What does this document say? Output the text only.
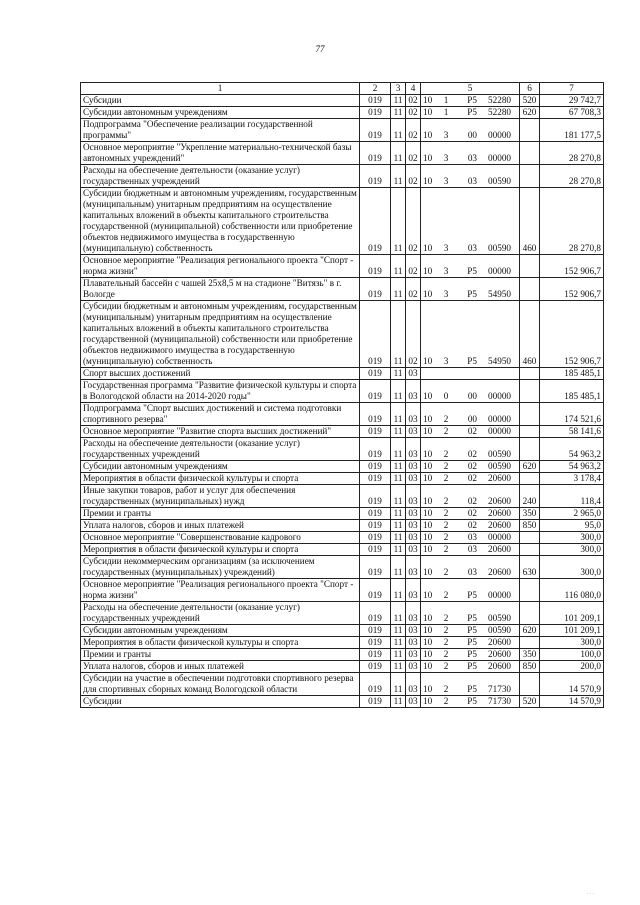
77
1	2	3	4	5	6	7
Субсидии	019	11	02	10 1 P5 52280	520	29 742,7
Субсидии автономным учреждениям	019	11	02	10 1 P5 52280	620	67 708,3
Подпрограмма "Обеспечение реализации государственной программы"	019	11	02	10 3 00 00000		181 177,5
Основное мероприятие "Укрепление материально-технической базы автономных учреждений"	019	11	02	10 3 03 00000		28 270,8
Расходы на обеспечение деятельности (оказание услуг) государственных учреждений	019	11	02	10 3 03 00590		28 270,8
Субсидии бюджетным и автономным учреждениям, государственным (муниципальным) унитарным предприятиям на осуществление капитальных вложений в объекты капитального строительства государственной (муниципальной) собственности или приобретение объектов недвижимого имущества в государственную (муниципальную) собственность	019	11	02	10 3 03 00590	460	28 270,8
Основное мероприятие "Реализация регионального проекта "Спорт - норма жизни"	019	11	02	10 3 P5 00000		152 906,7
Плавательный бассейн с чашей 25х8,5 м на стадионе "Витязь" в г. Вологде	019	11	02	10 3 P5 54950		152 906,7
Субсидии бюджетным и автономным учреждениям, государственным (муниципальным) унитарным предприятиям на осуществление капитальных вложений в объекты капитального строительства государственной (муниципальной) собственности или приобретение объектов недвижимого имущества в государственную (муниципальную) собственность	019	11	02	10 3 P5 54950	460	152 906,7
Спорт высших достижений	019	11	03			185 485,1
Государственная программа "Развитие физической культуры и спорта в Вологодской области на 2014-2020 годы"	019	11	03	10 0 00 00000		185 485,1
Подпрограмма "Спорт высших достижений и система подготовки спортивного резерва"	019	11	03	10 2 00 00000		174 521,6
Основное мероприятие "Развитие спорта высших достижений"	019	11	03	10 2 02 00000		58 141,6
Расходы на обеспечение деятельности (оказание услуг) государственных учреждений	019	11	03	10 2 02 00590		54 963,2
Субсидии автономным учреждениям	019	11	03	10 2 02 00590	620	54 963,2
Мероприятия в области физической культуры и спорта	019	11	03	10 2 02 20600		3 178,4
Иные закупки товаров, работ и услуг для обеспечения государственных (муниципальных) нужд	019	11	03	10 2 02 20600	240	118,4
Премии и гранты	019	11	03	10 2 02 20600	350	2 965,0
Уплата налогов, сборов и иных платежей	019	11	03	10 2 02 20600	850	95,0
Основное мероприятие "Совершенствование кадрового	019	11	03	10 2 03 00000		300,0
Мероприятия в области физической культуры и спорта	019	11	03	10 2 03 20600		300,0
Субсидии некоммерческим организациям (за исключением государственных (муниципальных) учреждений)	019	11	03	10 2 03 20600	630	300,0
Основное мероприятие "Реализация регионального проекта "Спорт - норма жизни"	019	11	03	10 2 P5 00000		116 080,0
Расходы на обеспечение деятельности (оказание услуг) государственных учреждений	019	11	03	10 2 P5 00590		101 209,1
Субсидии автономным учреждениям	019	11	03	10 2 P5 00590	620	101 209,1
Мероприятия в области физической культуры и спорта	019	11	03	10 2 P5 20600		300,0
Премии и гранты	019	11	03	10 2 P5 20600	350	100,0
Уплата налогов, сборов и иных платежей	019	11	03	10 2 P5 20600	850	200,0
Субсидии на участие в обеспечении подготовки спортивного резерва для спортивных сборных команд Вологодской области	019	11	03	10 2 P5 71730		14 570,9
Субсидии	019	11	03	10 2 P5 71730	520	14 570,9
· · ·
